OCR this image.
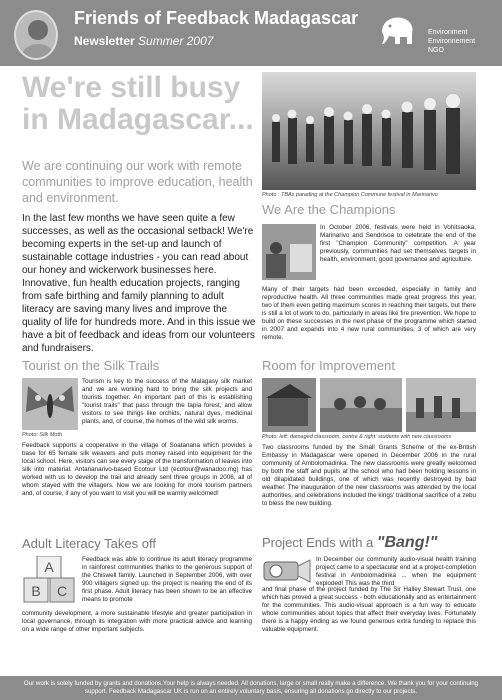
Friends of Feedback Madagascar
Newsletter Summer 2007
Environment
Environnement
NGO
We're still busy in Madagascar...
We are continuing our work with remote communities to improve education, health and environment.
In the last few months we have seen quite a few successes, as well as the occasional setback! We're becoming experts in the set-up and launch of sustainable cottage industries - you can read about our honey and wickerwork businesses here. Innovative, fun health education projects, ranging from safe birthing and family planning to adult literacy are saving many lives and improve the quality of life for hundreds more. And in this issue we have a bit of feedback and ideas from our volunteers and fundraisers.
Photo : TBAs parading at the Champion Commune festival in Marinarivo
We Are the Champions
In October 2006, festivals were held in Vohitsaoka, Marinarivo and Sendrisoa to celebrate the end of the first "Champion Community" competition. A year previously, communities had set themselves targets in health, environment, good governance and agriculture.
Many of their targets had been exceeded, especially in family and reproductive health. All three communities made great progress this year, two of them even getting maximum scores in reaching their targets, but there is still a lot of work to do, particularly in areas like fire prevention. We hope to build on these successes in the next phase of the programme which started in 2007 and expands into 4 new rural communities, 3 of which are very remote.
Tourist on the Silk Trails
Photo: Silk Moth
Tourism is key to the success of the Malagasy silk market and we are working hard to bring the silk projects and tourists together. An important part of this is establishing "tourist trails" that pass through the tapia forest, and allow visitors to see things like orchids, natural dyes, medicinal plants, and, of course, the homes of the wild silk worms.
Feedback supports a cooperative in the village of Soatanana which provides a base for 65 female silk weavers and puts money raised into equipment for the local school. Here, visitors can see every stage of the transformation of leaves into silk into material. Antananarivo-based Ecotour Ltd (ecotour@wanadoo.mg) has worked with us to develop the trail and already sent three groups in 2006, all of whom stayed with the villagers. Now we are looking for more tourism partners and, of course, if any of you want to visit you will be warmly welcomed!
Room for Improvement
Photo: left: damaged classroom, centre & right: students with new classrooms
Two classrooms funded by the Small Grants Scheme of the ex-British Embassy in Madagascar were opened in December 2006 in the rural community of Ambolomadinka. The new classrooms were greatly welcomed by both the staff and pupils at the school who had been holding lessons in old dilapidated buildings, one of which was recently destroyed by bad weather. The inauguration of the new classrooms was attended by the local authorities, and celebrations included the kings' traditional sacrifice of a zebu to bless the new building.
Adult Literacy Takes off
A
B C
Feedback was able to continue its adult literacy programme in rainforest communities thanks to the generous support of the Chiswell family. Launched in September 2006, with over 900 villagers signed up, the project is nearing the end of its first phase. Adult literacy has been shown to be an effective means to promote
community development, a more sustainable lifestyle and greater participation in local governance, through its integration with more practical advice and learning on a wide range of other important subjects.
Project Ends with a "Bang!"
In December our community audio-visual health training project came to a spectacular end at a project-completion festival in Ambolomadinka ... when the equipment exploded! This was the third
and final phase of the project funded by The Sir Halley Stewart Trust, one which has proved a great success - both educationally and as entertainment for the communities. This audio-visual approach is a fun way to educate whole communities about topics that affect their everyday lives. Fortunately there is a happy ending as we found generous extra funding to replace this valuable equipment.
Our work is solely funded by grants and donations.Your help is always needed. All donations, large or small really make a difference. We thank you for your continuing support. Feedback Madagascar UK is run on an entirely voluntary basis, ensuring all donations go directly to our projects.
